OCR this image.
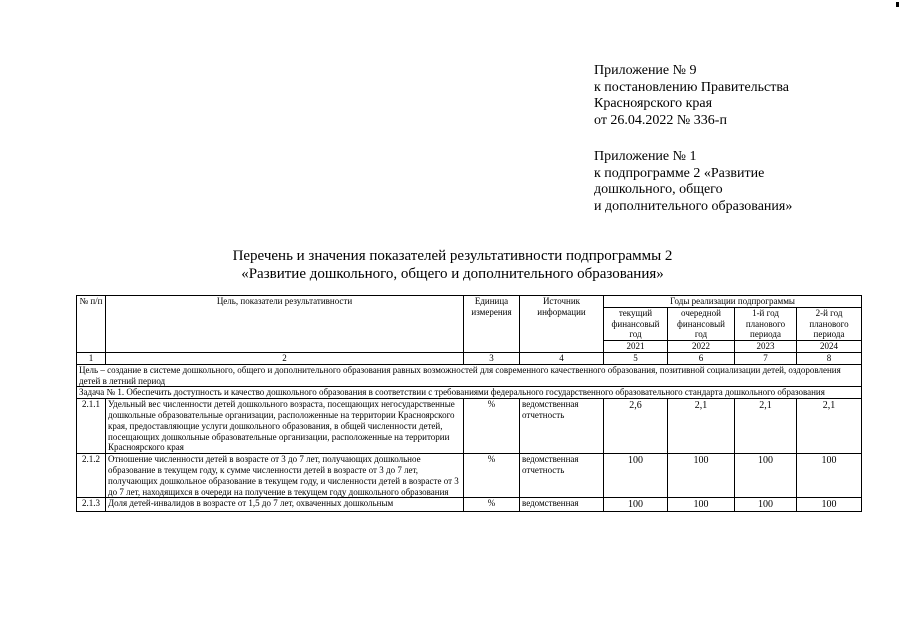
Приложение № 9
к постановлению Правительства
Красноярского края
от 26.04.2022 № 336-п
Приложение № 1
к подпрограмме 2 «Развитие
дошкольного, общего
и дополнительного образования»
Перечень и значения показателей результативности подпрограммы 2
«Развитие дошкольного, общего и дополнительного образования»
№ п/п	Цель, показатели результативности	Единица измерения	Источник информации	Годы реализации подпрограммы			
				текущий финансовый год	очередной финансовый год	1-й год планового периода	2-й год планового периода
				2021	2022	2023	2024
1	2	3	4	5	6	7	8
Цель – создание в системе дошкольного, общего и дополнительного образования равных возможностей для современного качественного образования, позитивной социализации детей, оздоровления детей в летний период							
Задача № 1. Обеспечить доступность и качество дошкольного образования в соответствии с требованиями федерального государственного образовательного стандарта дошкольного образования							
2.1.1	Удельный вес численности детей дошкольного возраста, посещающих негосударственные дошкольные образовательные организации, расположенные на территории Красноярского края, предоставляющие услуги дошкольного образования, в общей численности детей, посещающих дошкольные образовательные организации, расположенные на территории Красноярского края	%	ведомственная отчетность	2,6	2,1	2,1	2,1
2.1.2	Отношение численности детей в возрасте от 3 до 7 лет, получающих дошкольное образование в текущем году, к сумме численности детей в возрасте от 3 до 7 лет, получающих дошкольное образование в текущем году, и численности детей в возрасте от 3 до 7 лет, находящихся в очереди на получение в текущем году дошкольного образования	%	ведомственная отчетность	100	100	100	100
2.1.3	Доля детей-инвалидов в возрасте от 1,5 до 7 лет, охваченных дошкольным	%	ведомственная	100	100	100	100
